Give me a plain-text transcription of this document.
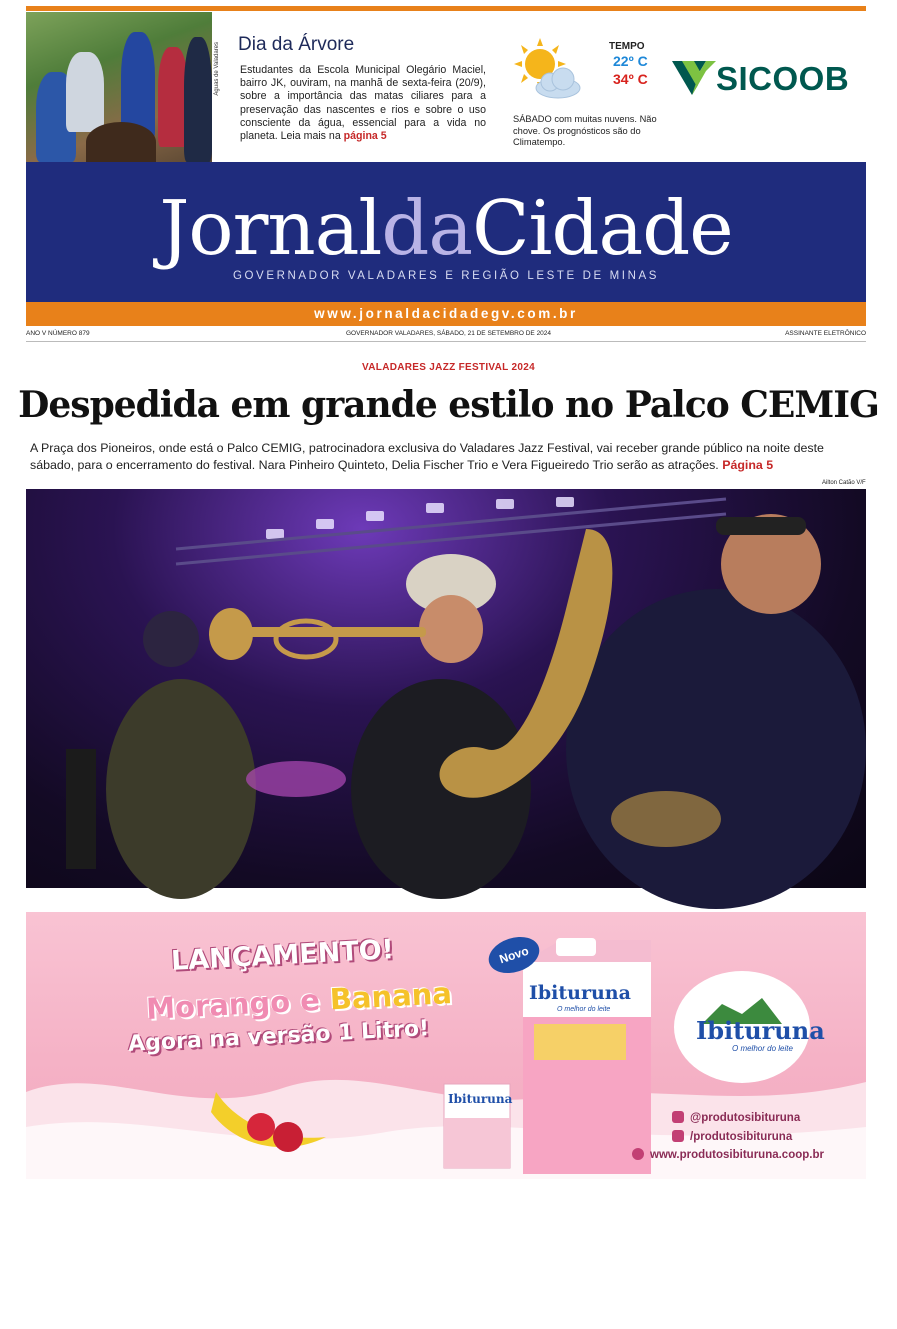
Águas de Valadares Dia da Árvore
Estudantes da Escola Municipal Olegário Maciel, bairro JK, ouviram, na manhã de sexta-feira (20/9), sobre a importância das matas ciliares para a preservação das nascentes e rios e sobre o uso consciente da água, essencial para a vida no planeta. Leia mais na página 5
TEMPO
22º C
34º C
SÁBADO com muitas nuvens. Não chove. Os prognósticos são do Climatempo.
SICOOB
JornaldaCidade
GOVERNADOR VALADARES E REGIÃO LESTE DE MINAS
www.jornaldacidadegv.com.br
ANO V NÚMERO 879	GOVERNADOR VALADARES, SÁBADO, 21 DE SETEMBRO DE 2024	ASSINANTE ELETRÔNICO
VALADARES JAZZ FESTIVAL 2024
Despedida em grande estilo no Palco CEMIG
A Praça dos Pioneiros, onde está o Palco CEMIG, patrocinadora exclusiva do Valadares Jazz Festival, vai receber grande público na noite deste sábado, para o encerramento do festival. Nara Pinheiro Quinteto, Delia Fischer Trio e Vera Figueiredo Trio serão as atrações. Página 5
Ailton Catão V/F
Michel Barcellos (baixo) Wellington Siqueira (trompete) e Ângelo Torres (saxofone), que tocaram no Tributo a Arthur Maia, no dia 18/9, no Palco CEMIG
LANÇAMENTO!
Morango e Banana
Agora na versão 1 Litro!
Novo
Ibituruna
O melhor do leite
Ibituruna
Ibituruna
O melhor do leite
@produtosibituruna
/produtosibituruna
www.produtosibituruna.coop.br
